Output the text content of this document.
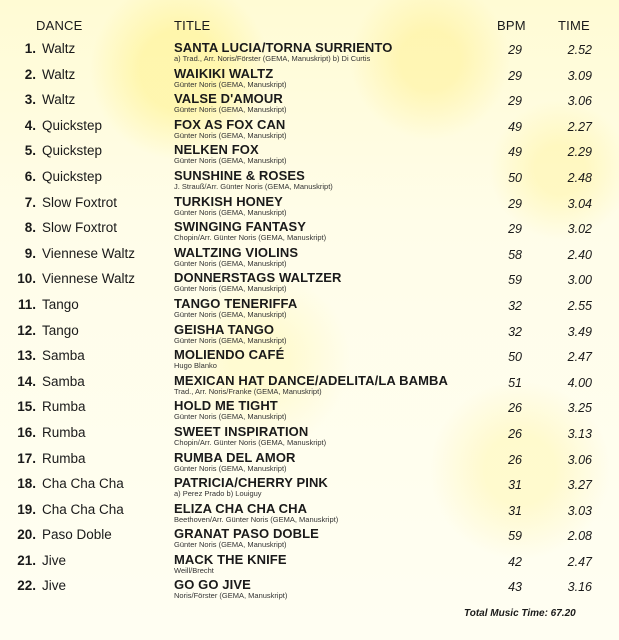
DANCE	TITLE	BPM TIME
1. Waltz	SANTA LUCIA/TORNA SURRIENTO
a) Trad., Arr. Noris/Förster (GEMA, Manuskript) b) Di Curtis
29	2.52
2. Waltz	WAIKIKI WALTZ
Günter Noris (GEMA, Manuskript)
29	3.09
3. Waltz	VALSE D'AMOUR
Günter Noris (GEMA, Manuskript)
29	3.06
4. Quickstep	FOX AS FOX CAN
Günter Noris (GEMA, Manuskript)
49	2.27
5. Quickstep	NELKEN FOX
Günter Noris (GEMA, Manuskript)
49	2.29
6. Quickstep	SUNSHINE & ROSES
J. Strauß/Arr. Günter Noris (GEMA, Manuskript)
50	2.48
7. Slow Foxtrot	TURKISH HONEY
Günter Noris (GEMA, Manuskript)
29	3.04
8. Slow Foxtrot	SWINGING FANTASY
Chopin/Arr. Günter Noris (GEMA, Manuskript)
29	3.02
9. Viennese Waltz	WALTZING VIOLINS
Günter Noris (GEMA, Manuskript)
58	2.40
10. Viennese Waltz	DONNERSTAGS WALTZER
Günter Noris (GEMA, Manuskript)
59	3.00
11. Tango	TANGO TENERIFFA
Günter Noris (GEMA, Manuskript)
32	2.55
12. Tango	GEISHA TANGO
Günter Noris (GEMA, Manuskript)
32	3.49
13. Samba	MOLIENDO CAFÉ
Hugo Blanko
50	2.47
14. Samba	MEXICAN HAT DANCE/ADELITA/LA BAMBA
Trad., Arr. Noris/Franke (GEMA, Manuskript)
51	4.00
15. Rumba	HOLD ME TIGHT
Günter Noris (GEMA, Manuskript)
26	3.25
16. Rumba	SWEET INSPIRATION
Chopin/Arr. Günter Noris (GEMA, Manuskript)
26	3.13
17. Rumba	RUMBA DEL AMOR
Günter Noris (GEMA, Manuskript)
26	3.06
18. Cha Cha Cha	PATRICIA/CHERRY PINK
a) Perez Prado b) Louiguy
31	3.27
19. Cha Cha Cha	ELIZA CHA CHA CHA
Beethoven/Arr. Günter Noris (GEMA, Manuskript)
31	3.03
20. Paso Doble	GRANAT PASO DOBLE
Günter Noris (GEMA, Manuskript)
59	2.08
21. Jive	MACK THE KNIFE
Weill/Brecht
42	2.47
22. Jive	GO GO JIVE
Noris/Förster (GEMA, Manuskript)
43	3.16
Total Music Time: 67.20
